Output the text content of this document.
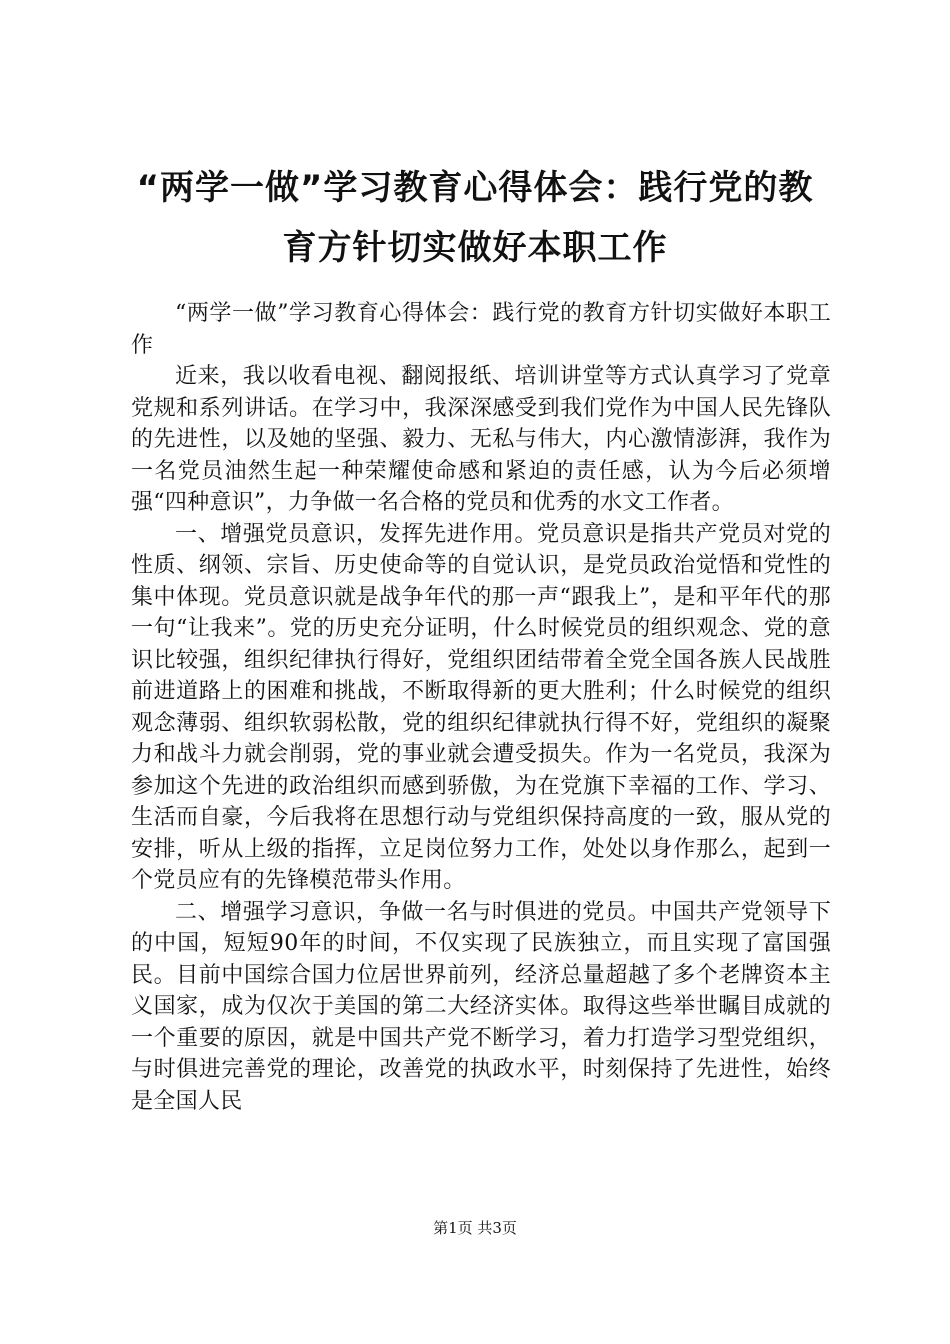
“两学一做”学习教育心得体会：践行党的教育方针切实做好本职工作

“两学一做”学习教育心得体会：践行党的教育方针切实做好本职工作

近来，我以收看电视、翻阅报纸、培训讲堂等方式认真学习了党章党规和系列讲话。在学习中，我深深感受到我们党作为中国人民先锋队的先进性，以及她的坚强、毅力、无私与伟大，内心激情澎湃，我作为一名党员油然生起一种荣耀使命感和紧迫的责任感，认为今后必须增强“四种意识”，力争做一名合格的党员和优秀的水文工作者。

一、增强党员意识，发挥先进作用。党员意识是指共产党员对党的性质、纲领、宗旨、历史使命等的自觉认识，是党员政治觉悟和党性的集中体现。党员意识就是战争年代的那一声“跟我上”，是和平年代的那一句“让我来”。党的历史充分证明，什么时候党员的组织观念、党的意识比较强，组织纪律执行得好，党组织团结带着全党全国各族人民战胜前进道路上的困难和挑战，不断取得新的更大胜利；什么时候党的组织观念薄弱、组织软弱松散，党的组织纪律就执行得不好，党组织的凝聚力和战斗力就会削弱，党的事业就会遭受损失。作为一名党员，我深为参加这个先进的政治组织而感到骄傲，为在党旗下幸福的工作、学习、生活而自豪，今后我将在思想行动与党组织保持高度的一致，服从党的安排，听从上级的指挥，立足岗位努力工作，处处以身作那么，起到一个党员应有的先锋模范带头作用。

二、增强学习意识，争做一名与时俱进的党员。中国共产党领导下的中国，短短90年的时间，不仅实现了民族独立，而且实现了富国强民。目前中国综合国力位居世界前列，经济总量超越了多个老牌资本主义国家，成为仅次于美国的第二大经济实体。取得这些举世瞩目成就的一个重要的原因，就是中国共产党不断学习，着力打造学习型党组织，与时俱进完善党的理论，改善党的执政水平，时刻保持了先进性，始终是全国人民

第1页 共3页
